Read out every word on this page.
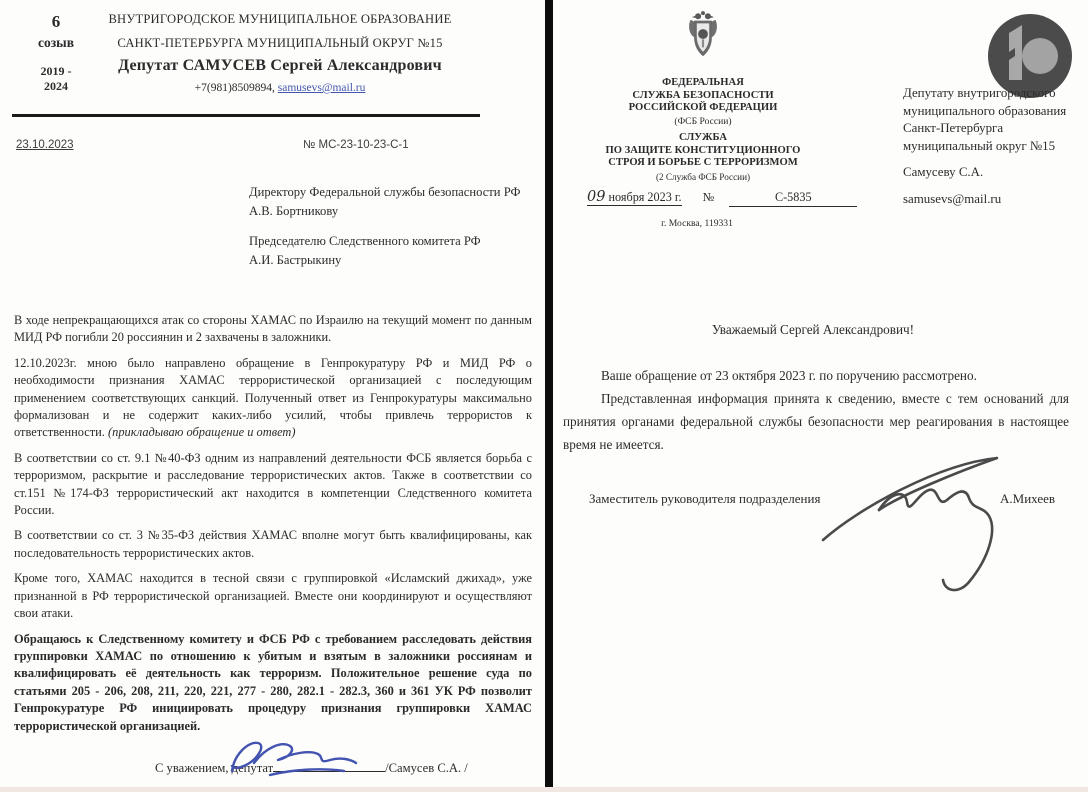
6
созыв
2019 -
2024
ВНУТРИГОРОДСКОЕ МУНИЦИПАЛЬНОЕ ОБРАЗОВАНИЕ
САНКТ-ПЕТЕРБУРГА МУНИЦИПАЛЬНЫЙ ОКРУГ №15
Депутат САМУСЕВ Сергей Александрович
+7(981)8509894, samusevs@mail.ru
23.10.2023	№ МС-23-10-23-С-1
Директору Федеральной службы безопасности РФ
А.В. Бортникову
Председателю Следственного комитета РФ
А.И. Бастрыкину

В ходе непрекращающихся атак со стороны ХАМАС по Израилю на текущий момент по данным МИД РФ погибли 20 россиянин и 2 захвачены в заложники.

12.10.2023г. мною было направлено обращение в Генпрокуратуру РФ и МИД РФ о необходимости признания ХАМАС террористической организацией с последующим применением соответствующих санкций. Полученный ответ из Генпрокуратуры максимально формализован и не содержит каких-либо усилий, чтобы привлечь террористов к ответственности. (прикладываю обращение и ответ)

В соответствии со ст. 9.1 №40-ФЗ одним из направлений деятельности ФСБ является борьба с терроризмом, раскрытие и расследование террористических актов. Также в соответствии со ст.151 №174-ФЗ террористический акт находится в компетенции Следственного комитета России.

В соответствии со ст. 3 №35-ФЗ действия ХАМАС вполне могут быть квалифицированы, как последовательность террористических актов.

Кроме того, ХАМАС находится в тесной связи с группировкой «Исламский джихад», уже признанной в РФ террористической организацией. Вместе они координируют и осуществляют свои атаки.

Обращаюсь к Следственному комитету и ФСБ РФ с требованием расследовать действия группировки ХАМАС по отношению к убитым и взятым в заложники россиянам и квалифицировать её деятельность как терроризм. Положительное решение суда по статьями 205 - 206, 208, 211, 220, 221, 277 - 280, 282.1 - 282.3, 360 и 361 УК РФ позволит Генпрокуратуре РФ инициировать процедуру признания группировки ХАМАС террористической организацией.

С уважением, депутат	/Самусев С.А. /
ФЕДЕРАЛЬНАЯ
СЛУЖБА БЕЗОПАСНОСТИ
РОССИЙСКОЙ ФЕДЕРАЦИИ
(ФСБ России)
СЛУЖБА
ПО ЗАЩИТЕ КОНСТИТУЦИОННОГО
СТРОЯ И БОРЬБЕ С ТЕРРОРИЗМОМ
(2 Служба ФСБ России)
09 ноября 2023 г. №	С-5835
г. Москва, 119331
Депутату внутригородского
муниципального образования
Санкт-Петербурга
муниципальный округ №15
Самусеву С.А.
samusevs@mail.ru
Уважаемый Сергей Александрович!

Ваше обращение от 23 октября 2023 г. по поручению рассмотрено.

Представленная информация принята к сведению, вместе с тем оснований для принятия органами федеральной службы безопасности мер реагирования в настоящее время не имеется.

Заместитель руководителя подразделения	А.Михеев
